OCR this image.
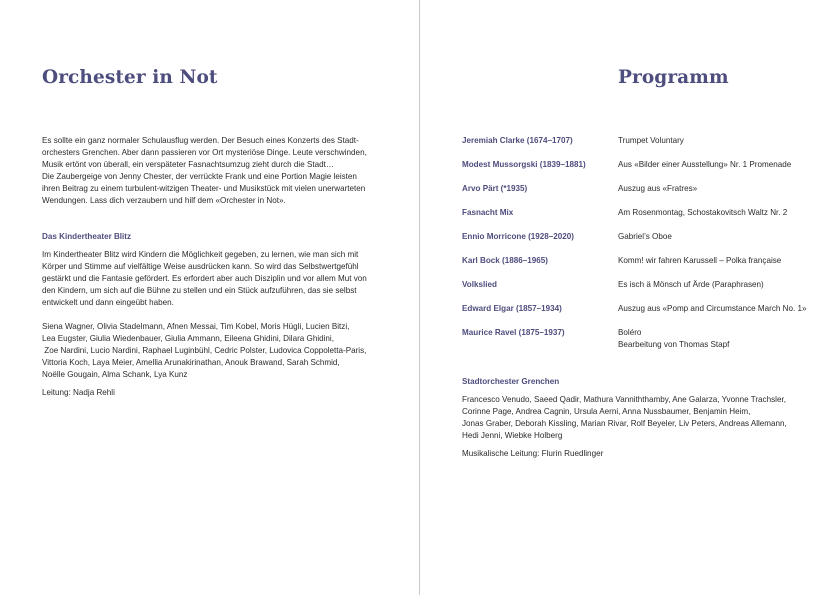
Orchester in Not
Es sollte ein ganz normaler Schulausflug werden. Der Besuch eines Konzerts des Stadt-
orchesters Grenchen. Aber dann passieren vor Ort mysteriöse Dinge. Leute verschwinden,
Musik ertönt von überall, ein verspäteter Fasnachtsumzug zieht durch die Stadt…
Die Zaubergeige von Jenny Chester, der verrückte Frank und eine Portion Magie leisten
ihren Beitrag zu einem turbulent-witzigen Theater- und Musikstück mit vielen unerwarteten
Wendungen. Lass dich verzaubern und hilf dem «Orchester in Not».
Das Kindertheater Blitz
Im Kindertheater Blitz wird Kindern die Möglichkeit gegeben, zu lernen, wie man sich mit
Körper und Stimme auf vielfältige Weise ausdrücken kann. So wird das Selbstwertgefühl
gestärkt und die Fantasie gefördert. Es erfordert aber auch Disziplin und vor allem Mut von
den Kindern, um sich auf die Bühne zu stellen und ein Stück aufzuführen, das sie selbst
entwickelt und dann eingeübt haben.
Siena Wagner, Olivia Stadelmann, Afnen Messai, Tim Kobel, Moris Hügli, Lucien Bitzi,
Lea Eugster, Giulia Wiedenbauer, Giulia Ammann, Eileena Ghidini, Dilara Ghidini,
Zoe Nardini, Lucio Nardini, Raphael Luginbühl, Cedric Polster, Ludovica Coppoletta-Paris,
Vittoria Koch, Laya Meier, Amellia Arunakirinathan, Anouk Brawand, Sarah Schmid,
Noëlle Gougain, Alma Schank, Lya Kunz
Leitung: Nadja Rehli
Programm
Jeremiah Clarke (1674–1707)	Trumpet Voluntary
Modest Mussorgski (1839–1881)	Aus «Bilder einer Ausstellung» Nr. 1 Promenade
Arvo Pärt (*1935)	Auszug aus «Fratres»
Fasnacht Mix	Am Rosenmontag, Schostakovitsch Waltz Nr. 2
Ennio Morricone (1928–2020)	Gabriel’s Oboe
Karl Bock (1886–1965)	Komm! wir fahren Karussell – Polka française
Volkslied	Es isch ä Mönsch uf Ärde (Paraphrasen)
Edward Elgar (1857–1934)	Auszug aus «Pomp and Circumstance March No. 1»
Maurice Ravel (1875–1937)	Boléro
Bearbeitung von Thomas Stapf
Stadtorchester Grenchen
Francesco Venudo, Saeed Qadir, Mathura Vanniththamby, Ane Galarza, Yvonne Trachsler,
Corinne Page, Andrea Cagnin, Ursula Aerni, Anna Nussbaumer, Benjamin Heim,
Jonas Graber, Deborah Kissling, Marian Rivar, Rolf Beyeler, Liv Peters, Andreas Allemann,
Hedi Jenni, Wiebke Holberg
Musikalische Leitung: Flurin Ruedlinger
